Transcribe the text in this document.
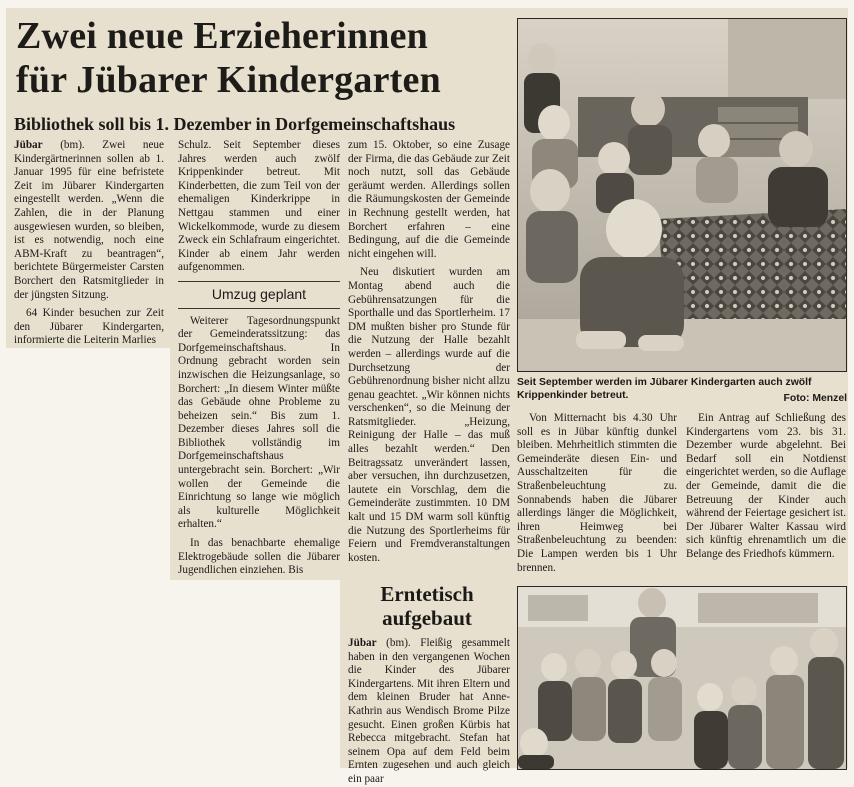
Zwei neue Erzieherinnen
für Jübarer Kindergarten
Bibliothek soll bis 1. Dezember in Dorfgemeinschaftshaus

Jübar (bm). Zwei neue Kindergärtnerinnen sollen ab 1. Januar 1995 für eine befristete Zeit im Jübarer Kindergarten eingestellt werden. „Wenn die Zahlen, die in der Planung ausgewiesen wurden, so bleiben, ist es notwendig, noch eine ABM-Kraft zu beantragen“, berichtete Bürgermeister Carsten Borchert den Ratsmitglieder in der jüngsten Sitzung.

64 Kinder besuchen zur Zeit den Jübarer Kindergarten, informierte die Leiterin Marlies

Schulz. Seit September dieses Jahres werden auch zwölf Krippenkinder betreut. Mit Kinderbetten, die zum Teil von der ehemaligen Kinderkrippe in Nettgau stammen und einer Wickelkommode, wurde zu diesem Zweck ein Schlafraum eingerichtet. Kinder ab einem Jahr werden aufgenommen.

Umzug geplant

Weiterer Tagesordnungspunkt der Gemeinderatssitzung: das Dorfgemeinschaftshaus. In Ordnung gebracht worden sein inzwischen die Heizungsanlage, so Borchert: „In diesem Winter müßte das Gebäude ohne Probleme zu beheizen sein.“ Bis zum 1. Dezember dieses Jahres soll die Bibliothek vollständig im Dorfgemeinschaftshaus untergebracht sein. Borchert: „Wir wollen der Gemeinde die Einrichtung so lange wie möglich als kulturelle Möglichkeit erhalten.“

In das benachbarte ehemalige Elektrogebäude sollen die Jübarer Jugendlichen einziehen. Bis

zum 15. Oktober, so eine Zusage der Firma, die das Gebäude zur Zeit noch nutzt, soll das Gebäude geräumt werden. Allerdings sollen die Räumungskosten der Gemeinde in Rechnung gestellt werden, hat Borchert erfahren – eine Bedingung, auf die die Gemeinde nicht eingehen will.

Neu diskutiert wurden am Montag abend auch die Gebührensatzungen für die Sporthalle und das Sportlerheim. 17 DM mußten bisher pro Stunde für die Nutzung der Halle bezahlt werden – allerdings wurde auf die Durchsetzung der Gebührenordnung bisher nicht allzu genau geachtet. „Wir können nichts verschenken“, so die Meinung der Ratsmitglieder. „Heizung, Reinigung der Halle – das muß alles bezahlt werden.“ Den Beitragssatz unverändert lassen, aber versuchen, ihn durchzusetzen, lautete ein Vorschlag, dem die Gemeinderäte zustimmten. 10 DM kalt und 15 DM warm soll künftig die Nutzung des Sportlerheims für Feiern und Fremdveranstaltungen kosten.

Seit September werden im Jübarer Kindergarten auch zwölf Krippenkinder betreut.	Foto: Menzel

Von Mitternacht bis 4.30 Uhr soll es in Jübar künftig dunkel bleiben. Mehrheitlich stimmten die Gemeinderäte diesen Ein- und Ausschaltzeiten für die Straßenbeleuchtung zu. Sonnabends haben die Jübarer allerdings länger die Möglichkeit, ihren Heimweg bei Straßenbeleuchtung zu beenden: Die Lampen werden bis 1 Uhr brennen.

Ein Antrag auf Schließung des Kindergartens vom 23. bis 31. Dezember wurde abgelehnt. Bei Bedarf soll ein Notdienst eingerichtet werden, so die Auflage der Gemeinde, damit die die Betreuung der Kinder auch während der Feiertage gesichert ist. Der Jübarer Walter Kassau wird sich künftig ehrenamtlich um die Belange des Friedhofs kümmern.

Erntetisch
aufgebaut

Jübar (bm). Fleißig gesammelt haben in den vergangenen Wochen die Kinder des Jübarer Kindergartens. Mit ihren Eltern und dem kleinen Bruder hat Anne-Kathrin aus Wendisch Brome Pilze gesucht. Einen großen Kürbis hat Rebecca mitgebracht. Stefan hat seinem Opa auf dem Feld beim Ernten zugesehen und auch gleich ein paar
